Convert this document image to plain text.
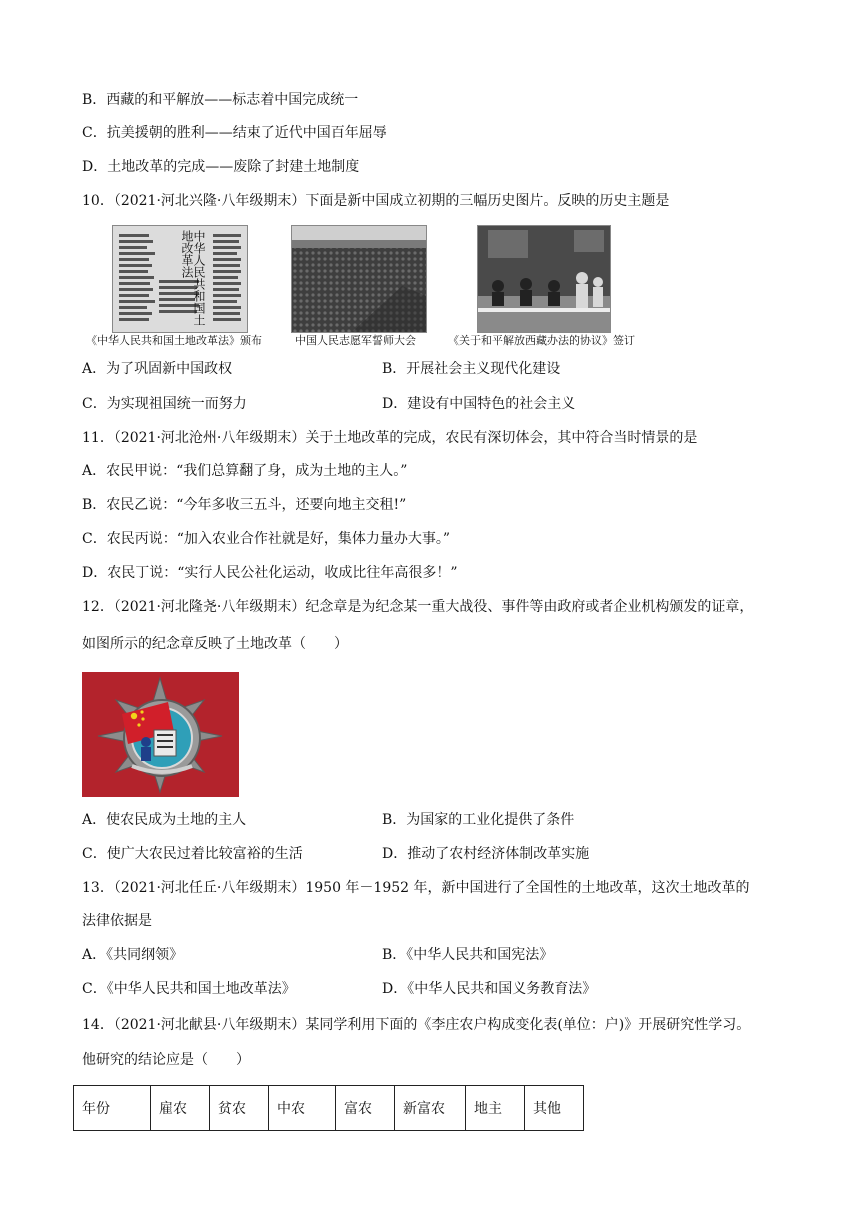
B．西藏的和平解放——标志着中国完成统一
C．抗美援朝的胜利——结束了近代中国百年屈辱
D．土地改革的完成——废除了封建土地制度
10．（2021·河北兴隆·八年级期末）下面是新中国成立初期的三幅历史图片。反映的历史主题是
中华人民共和国土地改革法
《中华人民共和国土地改革法》颁布	中国人民志愿军誓师大会	《关于和平解放西藏办法的协议》签订
A．为了巩固新中国政权	B．开展社会主义现代化建设
C．为实现祖国统一而努力	D．建设有中国特色的社会主义
11．（2021·河北沧州·八年级期末）关于土地改革的完成，农民有深切体会，其中符合当时情景的是
A．农民甲说：“我们总算翻了身，成为土地的主人。”
B．农民乙说：“今年多收三五斗，还要向地主交租!”
C．农民丙说：“加入农业合作社就是好，集体力量办大事。”
D．农民丁说：“实行人民公社化运动，收成比往年高很多！”
12．（2021·河北隆尧·八年级期末）纪念章是为纪念某一重大战役、事件等由政府或者企业机构颁发的证章，
如图所示的纪念章反映了土地改革（　　）
A．使农民成为土地的主人	B．为国家的工业化提供了条件
C．使广大农民过着比较富裕的生活	D．推动了农村经济体制改革实施
13．（2021·河北任丘·八年级期末）1950 年－1952 年，新中国进行了全国性的土地改革，这次土地改革的
法律依据是
A．《共同纲领》	B．《中华人民共和国宪法》
C．《中华人民共和国土地改革法》	D．《中华人民共和国义务教育法》
14．（2021·河北献县·八年级期末）某同学利用下面的《李庄农户构成变化表(单位：户)》开展研究性学习。
他研究的结论应是（　　）
年份	雇农	贫农	中农	富农	新富农	地主	其他
